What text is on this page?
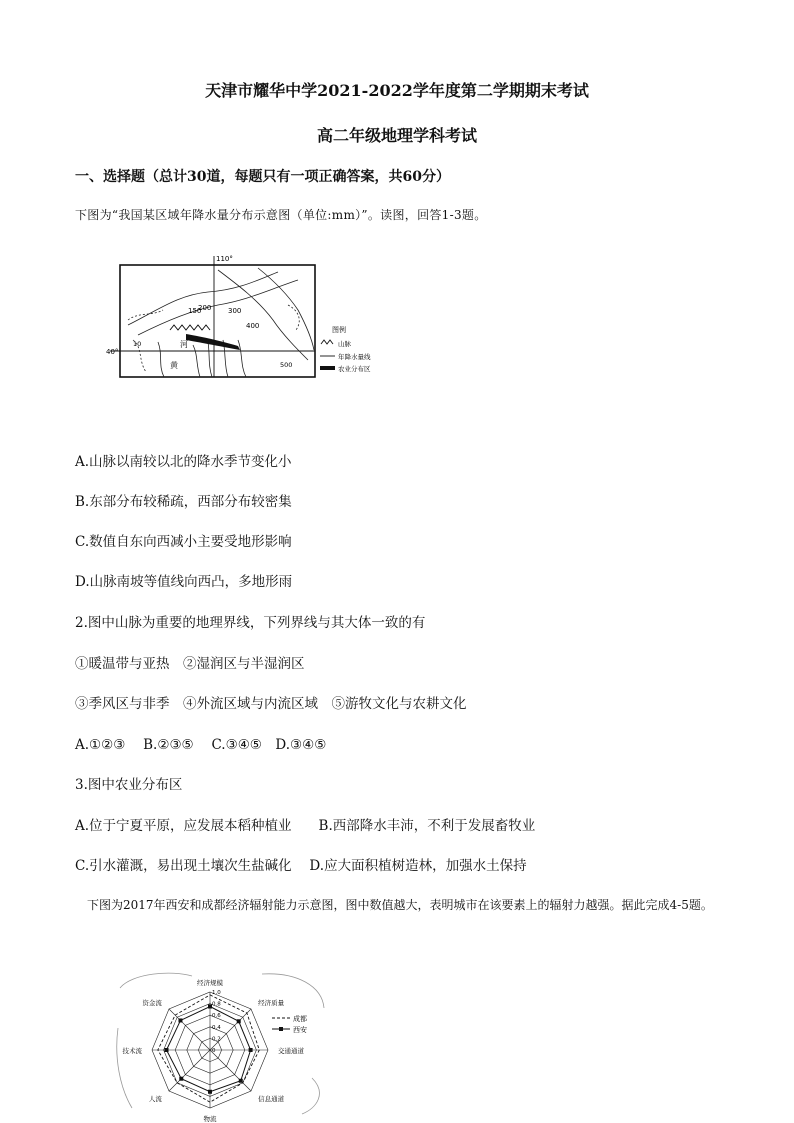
天津市耀华中学2021-2022学年度第二学期期末考试
高二年级地理学科考试
一、选择题（总计30道，每题只有一项正确答案，共60分）
下图为“我国某区域年降水量分布示意图（单位:mm）”。读图，回答1-3题。
110°
40°
150
200 300
400
500
10	河
黄
图例
山脉
年降水量线
农业分布区
A.山脉以南较以北的降水季节变化小
B.东部分布较稀疏，西部分布较密集
C.数值自东向西减小主要受地形影响
D.山脉南坡等值线向西凸，多地形雨
2.图中山脉为重要的地理界线，下列界线与其大体一致的有
①暖温带与亚热　②湿润区与半湿润区
③季风区与非季　④外流区域与内流区域　⑤游牧文化与农耕文化
A.①②③　 B.②③⑤　 C.③④⑤　D.③④⑤
3.图中农业分布区
A.位于宁夏平原，应发展本稻种植业　　B.西部降水丰沛，不利于发展畜牧业
C.引水灌溉，易出现土壤次生盐碱化　 D.应大面积植树造林，加强水土保持
　下图为2017年西安和成都经济辐射能力示意图，图中数值越大，表明城市在该要素上的辐射力越强。据此完成4-5题。
经济规模
经济质量
交通通道
信息通道
物流
人流
技术流
资金流
0
0.2
0.4
0.6
0.8
1.0
成都
西安
